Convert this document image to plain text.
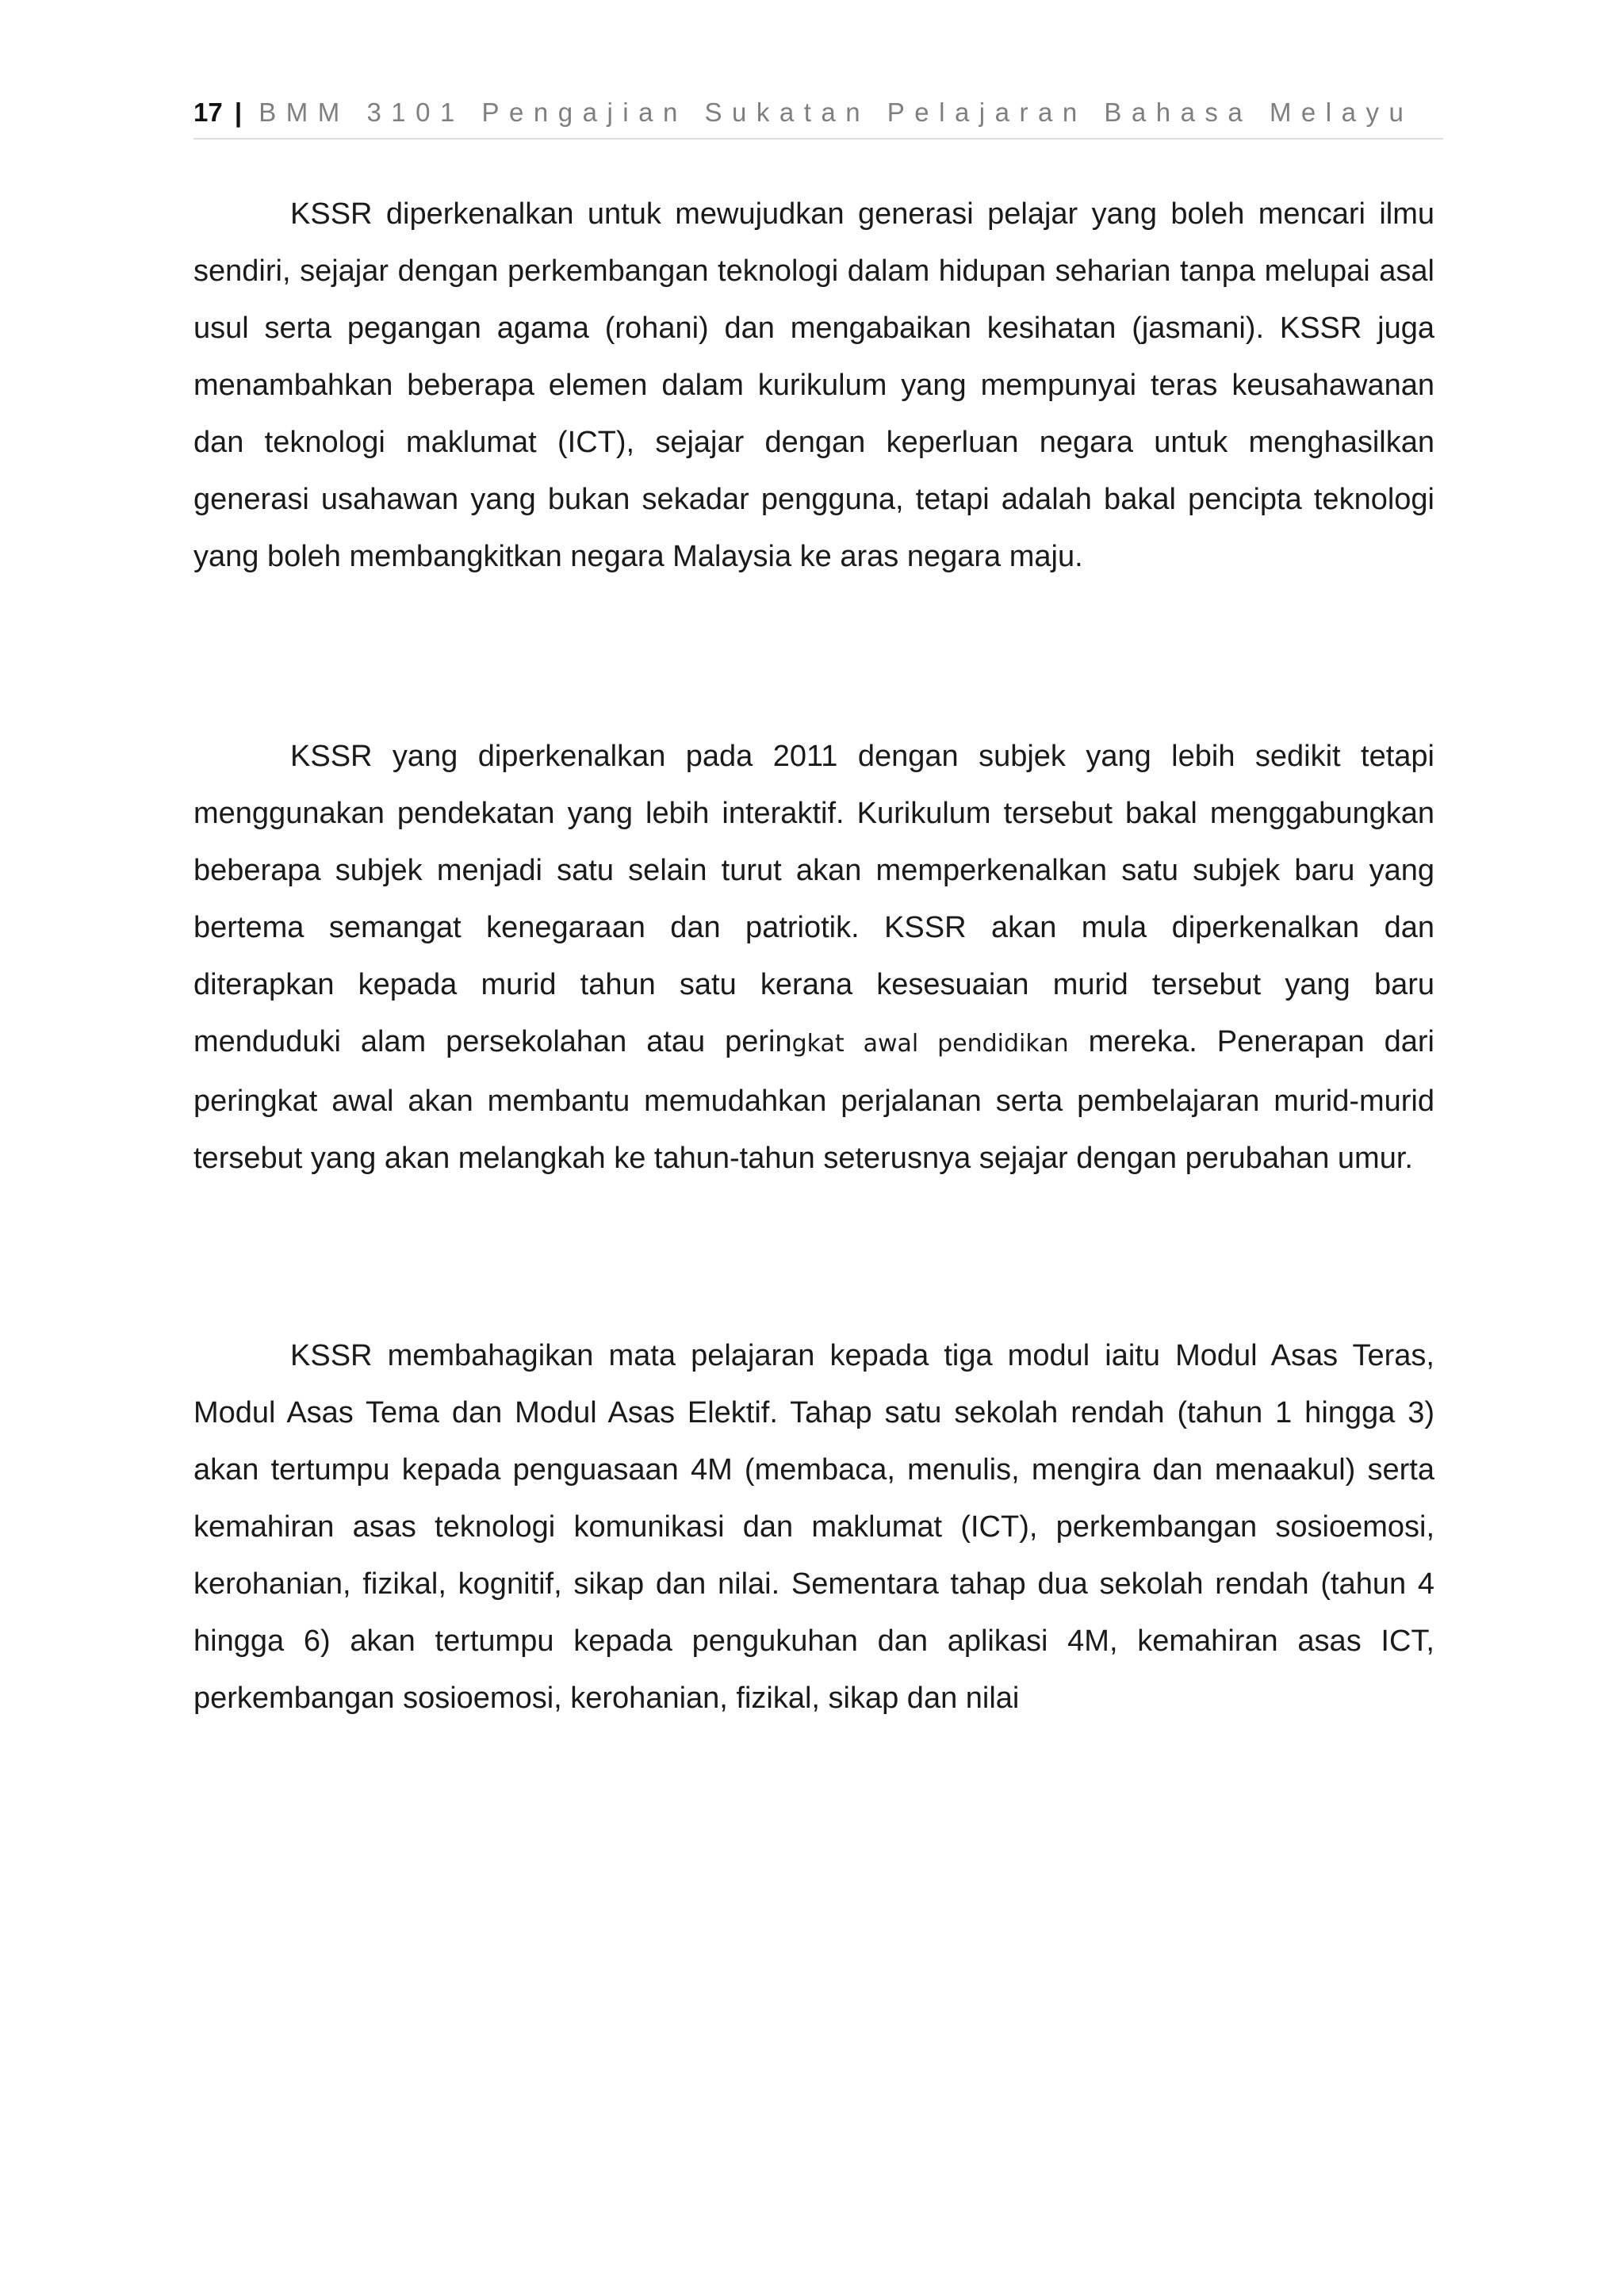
17 | BMM 3101 Pengajian Sukatan Pelajaran Bahasa Melayu

KSSR diperkenalkan untuk mewujudkan generasi pelajar yang boleh mencari ilmu sendiri, sejajar dengan perkembangan teknologi dalam hidupan seharian tanpa melupai asal usul serta pegangan agama (rohani) dan mengabaikan kesihatan (jasmani). KSSR juga menambahkan beberapa elemen dalam kurikulum yang mempunyai teras keusahawanan dan teknologi maklumat (ICT), sejajar dengan keperluan negara untuk menghasilkan generasi usahawan yang bukan sekadar pengguna, tetapi adalah bakal pencipta teknologi yang boleh membangkitkan negara Malaysia ke aras negara maju.

KSSR yang diperkenalkan pada 2011 dengan subjek yang lebih sedikit tetapi menggunakan pendekatan yang lebih interaktif. Kurikulum tersebut bakal menggabungkan beberapa subjek menjadi satu selain turut akan memperkenalkan satu subjek baru yang bertema semangat kenegaraan dan patriotik. KSSR akan mula diperkenalkan dan diterapkan kepada murid tahun satu kerana kesesuaian murid tersebut yang baru menduduki alam persekolahan atau peringkat awal pendidikan mereka. Penerapan dari peringkat awal akan membantu memudahkan perjalanan serta pembelajaran murid-murid tersebut yang akan melangkah ke tahun-tahun seterusnya sejajar dengan perubahan umur.

KSSR membahagikan mata pelajaran kepada tiga modul iaitu Modul Asas Teras, Modul Asas Tema dan Modul Asas Elektif. Tahap satu sekolah rendah (tahun 1 hingga 3) akan tertumpu kepada penguasaan 4M (membaca, menulis, mengira dan menaakul) serta kemahiran asas teknologi komunikasi dan maklumat (ICT), perkembangan sosioemosi, kerohanian, fizikal, kognitif, sikap dan nilai. Sementara tahap dua sekolah rendah (tahun 4 hingga 6) akan tertumpu kepada pengukuhan dan aplikasi 4M, kemahiran asas ICT, perkembangan sosioemosi, kerohanian, fizikal, sikap dan nilai
